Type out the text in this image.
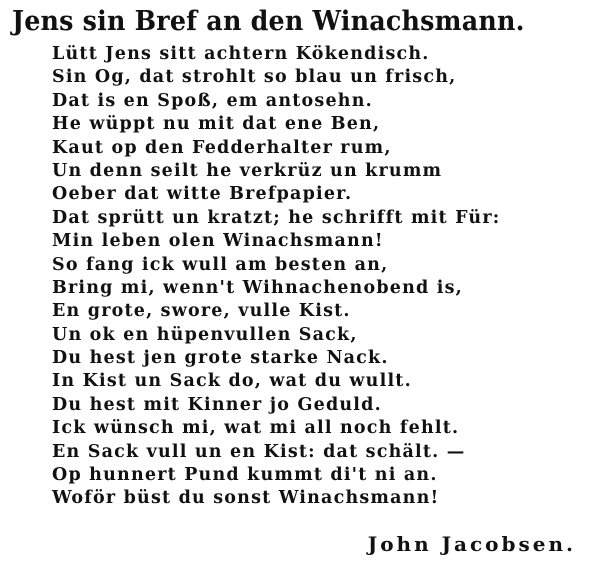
Jens sin Bref an den Winachsmann.
Lütt Jens sitt achtern Kökendisch.
Sin Og, dat strohlt so blau un frisch,
Dat is en Spoß, em antosehn.
He wüppt nu mit dat ene Ben,
Kaut op den Fedderhalter rum,
Un denn seilt he verkrüz un krumm
Oeber dat witte Brefpapier.
Dat sprütt un kratzt; he schrifft mit Für:
Min leben olen Winachsmann!
So fang ick wull am besten an,
Bring mi, wenn't Wihnachenobend is,
En grote, swore, vulle Kist.
Un ok en hüpenvullen Sack,
Du hest jen grote starke Nack.
In Kist un Sack do, wat du wullt.
Du hest mit Kinner jo Geduld.
Ick wünsch mi, wat mi all noch fehlt.
En Sack vull un en Kist: dat schält. —
Op hunnert Pund kummt di't ni an.
Woför büst du sonst Winachsmann!

John Jacobsen.
